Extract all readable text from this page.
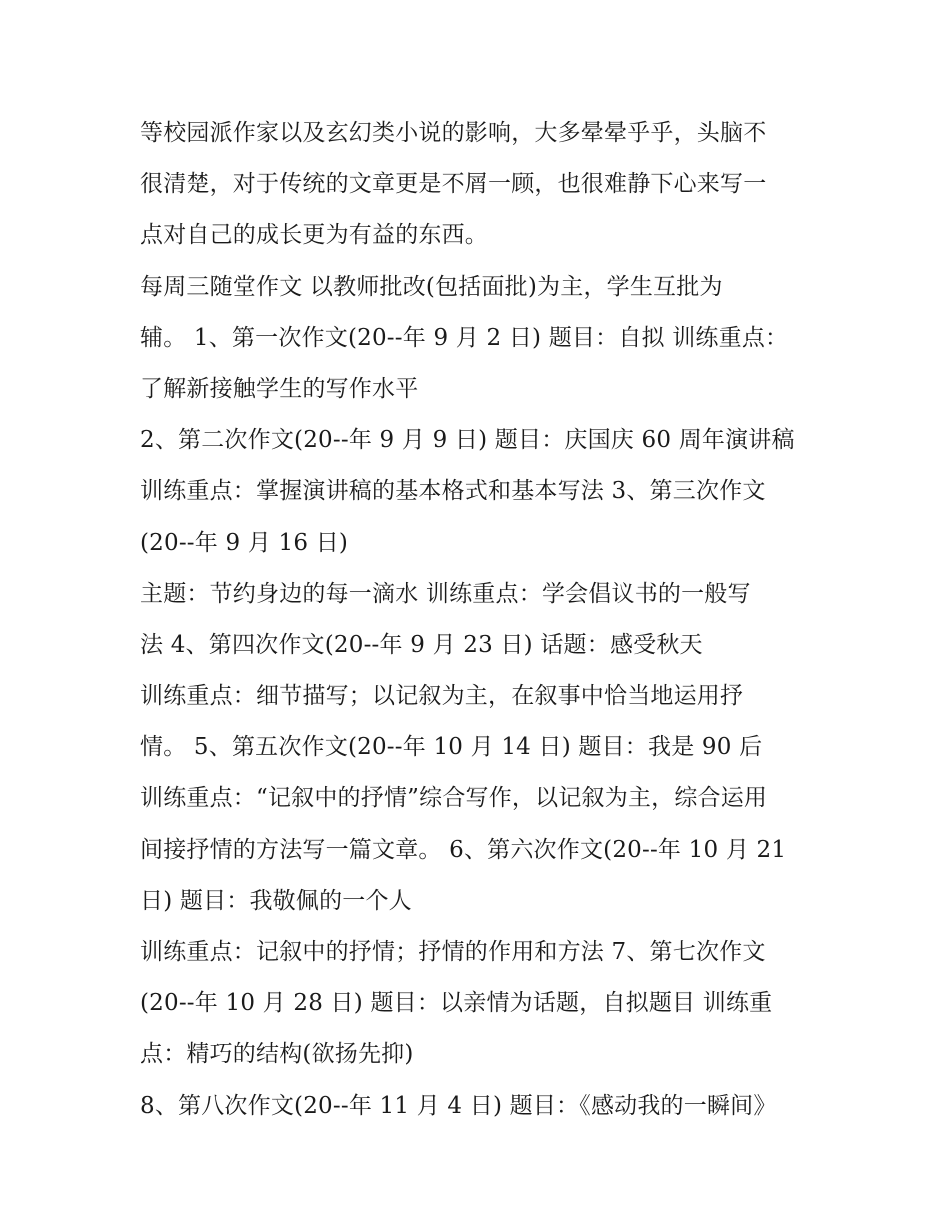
等校园派作家以及玄幻类小说的影响，大多晕晕乎乎，头脑不
很清楚，对于传统的文章更是不屑一顾，也很难静下心来写一
点对自己的成长更为有益的东西。
每周三随堂作文 以教师批改(包括面批)为主，学生互批为
辅。 1、第一次作文(20--年 9 月 2 日) 题目：自拟 训练重点：
了解新接触学生的写作水平
2、第二次作文(20--年 9 月 9 日) 题目：庆国庆 60 周年演讲稿
训练重点：掌握演讲稿的基本格式和基本写法 3、第三次作文
(20--年 9 月 16 日)
主题：节约身边的每一滴水 训练重点：学会倡议书的一般写
法 4、第四次作文(20--年 9 月 23 日) 话题：感受秋天
训练重点：细节描写；以记叙为主，在叙事中恰当地运用抒
情。 5、第五次作文(20--年 10 月 14 日) 题目：我是 90 后
训练重点：“记叙中的抒情”综合写作，以记叙为主，综合运用
间接抒情的方法写一篇文章。 6、第六次作文(20--年 10 月 21
日) 题目：我敬佩的一个人
训练重点：记叙中的抒情；抒情的作用和方法 7、第七次作文
(20--年 10 月 28 日) 题目：以亲情为话题，自拟题目 训练重
点：精巧的结构(欲扬先抑)
8、第八次作文(20--年 11 月 4 日) 题目：《感动我的一瞬间》
